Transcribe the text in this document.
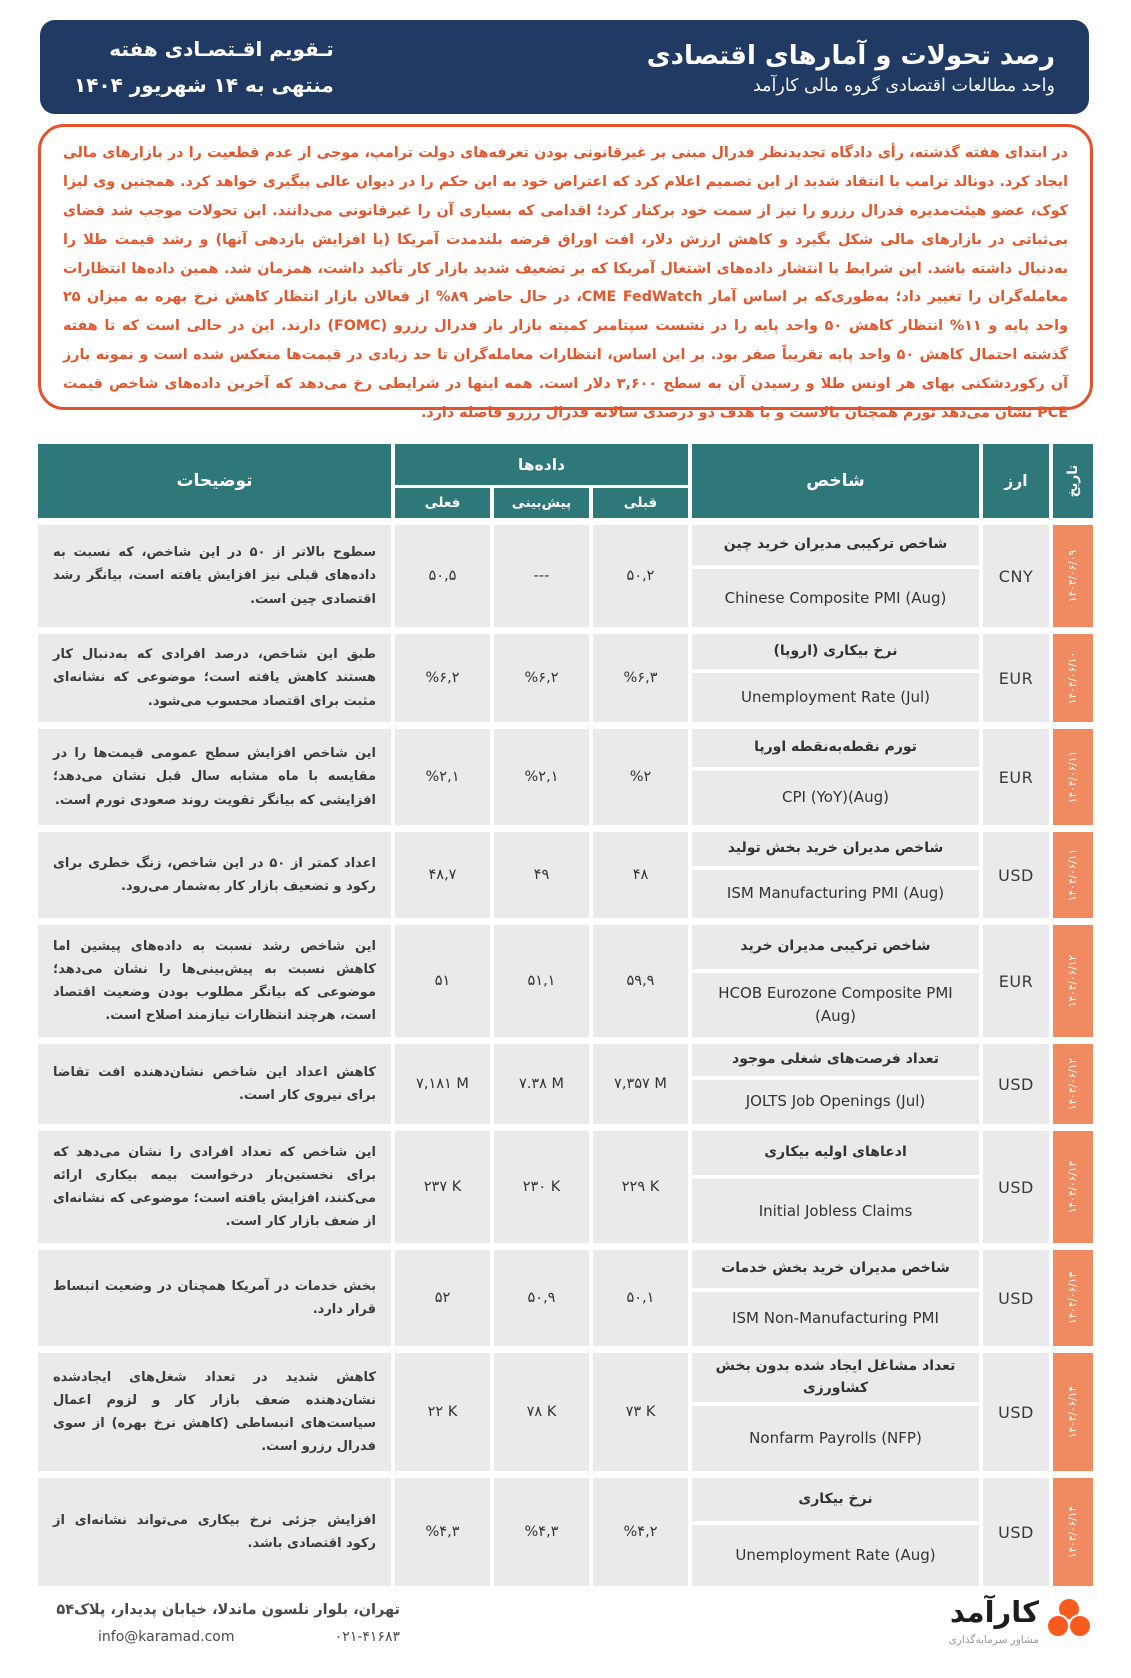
رصد تحولات و آمارهای اقتصادی
واحد مطالعات اقتصادی گروه مالی کارآمد
تـقویم اقـتصـادی هفته
منتهی به ۱۴ شهریور ۱۴۰۴
در ابتدای هفته گذشته، رأی دادگاه تجدیدنظر فدرال مبنی بر غیرقانونی بودن تعرفه‌های دولت ترامپ، موجی از عدم قطعیت را در بازارهای مالی ایجاد کرد. دونالد ترامپ با انتقاد شدید از این تصمیم اعلام کرد که اعتراض خود به این حکم را در دیوان عالی پیگیری خواهد کرد. همچنین وی لیزا کوک، عضو هیئت‌مدیره فدرال رزرو را نیز از سمت خود برکنار کرد؛ اقدامی که بسیاری آن را غیرقانونی می‌دانند. این تحولات موجب شد فضای بی‌ثباتی در بازارهای مالی شکل بگیرد و کاهش ارزش دلار، افت اوراق قرضه بلندمدت آمریکا (یا افزایش بازدهی آنها) و رشد قیمت طلا را به‌دنبال داشته باشد. این شرایط با انتشار داده‌های اشتغال آمریکا که بر تضعیف شدید بازار کار تأکید داشت، همزمان شد. همین داده‌ها انتظارات معامله‌گران را تغییر داد؛ به‌طوری‌که بر اساس آمار CME FedWatch، در حال حاضر ۸۹% از فعالان بازار انتظار کاهش نرخ بهره به میزان ۲۵ واحد پایه و ۱۱% انتظار کاهش ۵۰ واحد پایه را در نشست سپتامبر کمیته بازار باز فدرال رزرو (FOMC) دارند. این در حالی است که تا هفته گذشته احتمال کاهش ۵۰ واحد پایه تقریباً صفر بود. بر این اساس، انتظارات معامله‌گران تا حد زیادی در قیمت‌ها منعکس شده است و نمونه بارز آن رکوردشکنی بهای هر اونس طلا و رسیدن آن به سطح ۳,۶۰۰ دلار است. همه اینها در شرایطی رخ می‌دهد که آخرین داده‌های شاخص قیمت PCE نشان می‌دهد تورم همچنان بالاست و با هدف دو درصدی سالانه فدرال رزرو فاصله دارد.
تاریخ
ارز
شاخص
داده‌ها
قبلی
پیش‌بینی
فعلی
توضیحات
۱۴۰۴/۰۶/۰۹
CNY
شاخص ترکیبی مدیران خرید چین
Chinese Composite PMI (Aug)
۵۰,۲
---
۵۰,۵
سطوح بالاتر از ۵۰ در این شاخص، که نسبت به داده‌های قبلی نیز افزایش یافته است، بیانگر رشد اقتصادی چین است.
۱۴۰۴/۰۶/۱۰
EUR
نرخ بیکاری (اروپا)
Unemployment Rate (Jul)
%۶,۳
%۶,۲
%۶,۲
طبق این شاخص، درصد افرادی که به‌دنبال کار هستند کاهش یافته است؛ موضوعی که نشانه‌ای مثبت برای اقتصاد محسوب می‌شود.
۱۴۰۴/۰۶/۱۱
EUR
تورم نقطه‌به‌نقطه اورپا
CPI (YoY)(Aug)
%۲
%۲,۱
%۲,۱
این شاخص افزایش سطح عمومی قیمت‌ها را در مقایسه با ماه مشابه سال قبل نشان می‌دهد؛ افزایشی که بیانگر تقویت روند صعودی تورم است.
۱۴۰۴/۰۶/۱۱
USD
شاخص مدیران خرید بخش تولید
ISM Manufacturing PMI (Aug)
۴۸
۴۹
۴۸,۷
اعداد کمتر از ۵۰ در این شاخص، زنگ خطری برای رکود و تضعیف بازار کار به‌شمار می‌رود.
۱۴۰۴/۰۶/۱۲
EUR
شاخص ترکیبی مدیران خرید
HCOB Eurozone Composite PMI (Aug)
۵۹,۹
۵۱,۱
۵۱
این شاخص رشد نسبت به داده‌های پیشین اما کاهش نسبت به پیش‌بینی‌ها را نشان می‌دهد؛ موضوعی که بیانگر مطلوب بودن وضعیت اقتصاد است، هرچند انتظارات نیازمند اصلاح است.
۱۴۰۴/۰۶/۱۲
USD
تعداد فرصت‌های شغلی موجود
JOLTS Job Openings (Jul)
۷,۳۵۷ M
۷.۳۸ M
۷,۱۸۱ M
کاهش اعداد این شاخص نشان‌دهنده افت تقاضا برای نیروی کار است.
۱۴۰۴/۰۶/۱۳
USD
ادعاهای اولیه بیکاری
Initial Jobless Claims
۲۲۹ K
۲۳۰ K
۲۳۷ K
این شاخص که تعداد افرادی را نشان می‌دهد که برای نخستین‌بار درخواست بیمه بیکاری ارائه می‌کنند، افزایش یافته است؛ موضوعی که نشانه‌ای از ضعف بازار کار است.
۱۴۰۴/۰۶/۱۳
USD
شاخص مدیران خرید بخش خدمات
ISM Non-Manufacturing PMI
۵۰,۱
۵۰,۹
۵۲
بخش خدمات در آمریکا همچنان در وضعیت انبساط قرار دارد.
۱۴۰۴/۰۶/۱۴
USD
تعداد مشاغل ایجاد شده بدون بخش کشاورزی
Nonfarm Payrolls (NFP)
۷۳ K
۷۸ K
۲۲ K
کاهش شدید در تعداد شغل‌های ایجادشده نشان‌دهنده ضعف بازار کار و لزوم اعمال سیاست‌های انبساطی (کاهش نرخ بهره) از سوی فدرال رزرو است.
۱۴۰۴/۰۶/۱۴
USD
نرخ بیکاری
Unemployment Rate (Aug)
%۴,۲
%۴,۳
%۴,۳
افزایش جزئی نرخ بیکاری می‌تواند نشانه‌ای از رکود اقتصادی باشد.
کارآمد
مشاور سرمایه‌گذاری
تهران، بلوار نلسون ماندلا، خیابان پدیدار، پلاک۵۴
info@karamad.com	۰۲۱-۴۱۶۸۳
